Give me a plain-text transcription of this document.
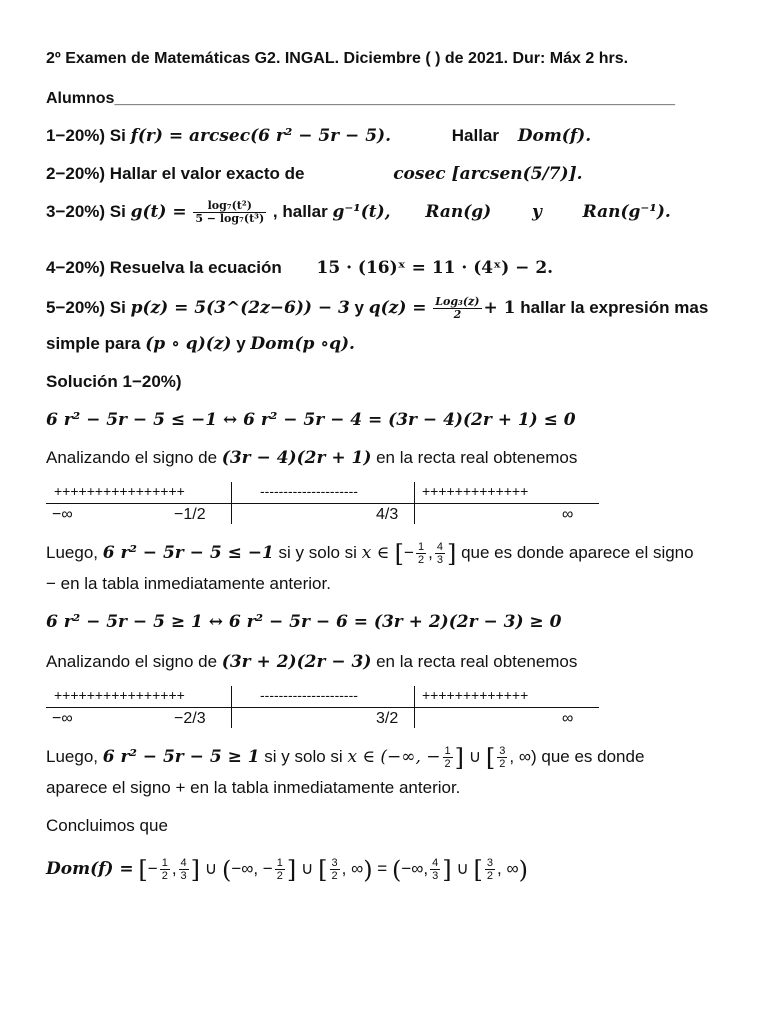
2º Examen de Matemáticas G2. INGAL. Diciembre ( ) de 2021. Dur: Máx 2 hrs.
Alumnos_______________________________________________________________
1−20%) Si f(r) = arcsec(6 r² − 5r − 5).	Hallar Dom(f).
2−20%) Hallar el valor exacto de	cosec [arcsen(5/7)].
3−20%) Si $g(t) = \frac{\text{log₇(t²)}}{\text{5 − log₇(t³)}}$ , hallar g⁻¹(t), Ran(g) y Ran(g⁻¹).
4−20%) Resuelva la ecuación 15 · (16)ˣ = 11 · (4ˣ) − 2.
5−20%) Si p(z) = 5(3^(2z−6)) − 3 y $q(z) = \frac{\text{Log₃(z)}}{2} + 1$ hallar la expresión mas
simple para (p ∘ q)(z) y Dom(p ∘q).
Solución 1−20%)
6 r² − 5r − 5 ≤ −1 ↔ 6 r² − 5r − 4 = (3r − 4)(2r + 1) ≤ 0
Analizando el signo de (3r − 4)(2r + 1) en la recta real obtenemos
++++++++++++++++	---------------------	+++++++++++++
−∞	−1/2	4/3	∞
Luego, 6 r² − 5r − 5 ≤ −1 si y solo si x ∈ [− $\frac{1}{2}$ , $\frac{4}{3}$ ] que es donde aparece el signo
− en la tabla inmediatamente anterior.
6 r² − 5r − 5 ≥ 1 ↔ 6 r² − 5r − 6 = (3r + 2)(2r − 3) ≥ 0
Analizando el signo de (3r + 2)(2r − 3) en la recta real obtenemos
++++++++++++++++	---------------------	+++++++++++++
−∞	−2/3	3/2	∞
Luego, 6 r² − 5r − 5 ≥ 1 si y solo si x ∈ (−∞, − $\frac{1}{2}$ ] ∪ [ $\frac{3}{2}$ , ∞) que es donde
aparece el signo + en la tabla inmediatamente anterior.
Concluimos que
Dom(f) = [− $\frac{1}{2}$ , $\frac{4}{3}$ ] ∪ (−∞, − $\frac{1}{2}$ ] ∪ [ $\frac{3}{2}$ , ∞) = (−∞, $\frac{4}{3}$ ] ∪ [ $\frac{3}{2}$ , ∞)
